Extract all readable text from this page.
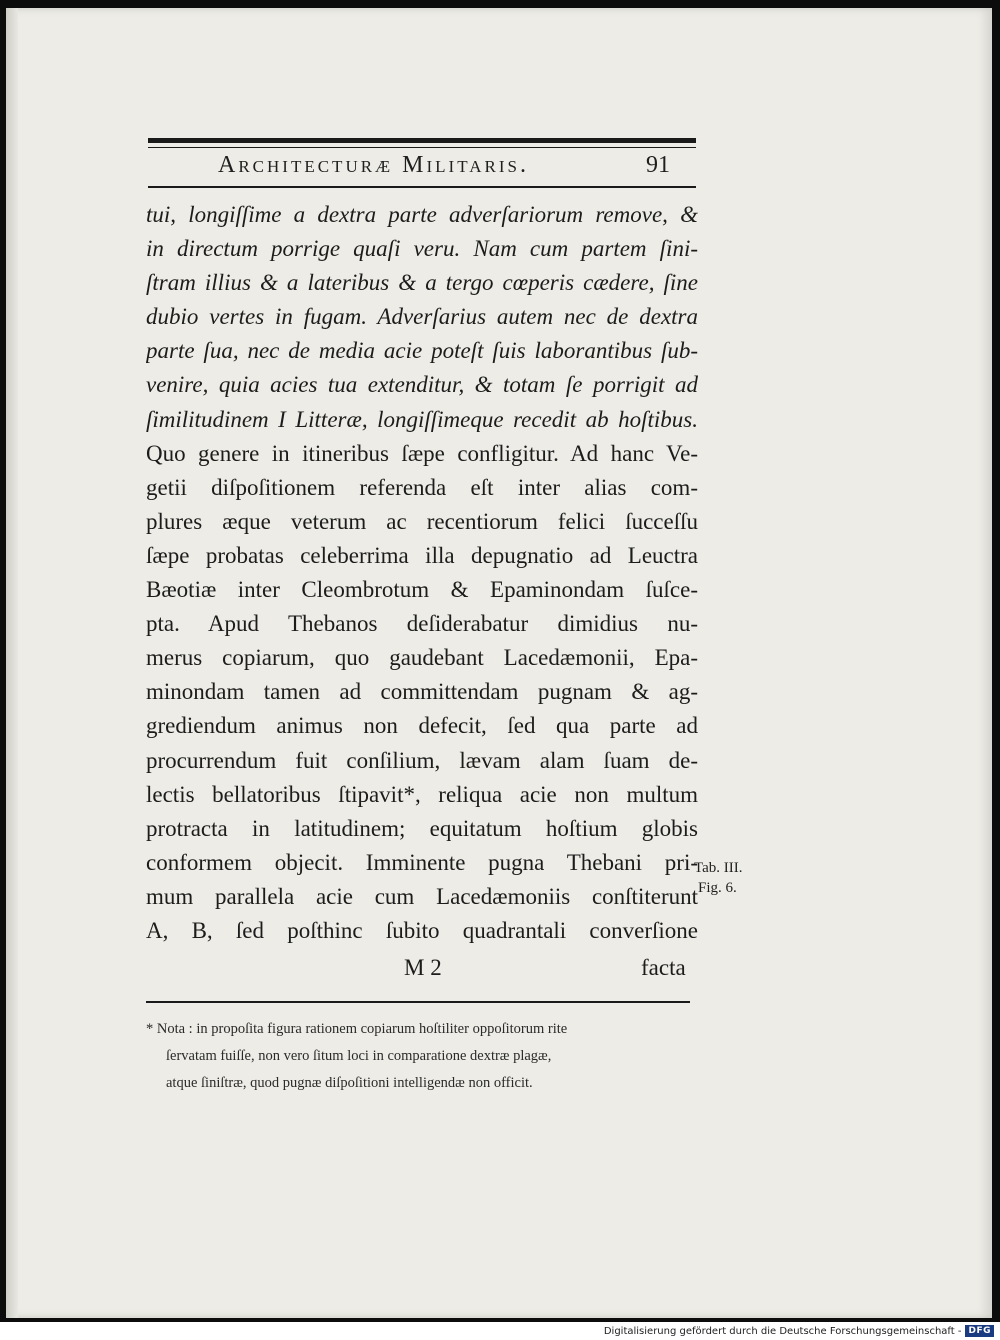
Architecturæ Militaris.	91
tui, longiſſime a dextra parte adverſariorum remove, &
in directum porrige quaſi veru. Nam cum partem ſini-
ſtram illius & a lateribus & a tergo cœperis cædere, ſine
dubio vertes in fugam. Adverſarius autem nec de dextra
parte ſua, nec de media acie poteſt ſuis laborantibus ſub-
venire, quia acies tua extenditur, & totam ſe porrigit ad
ſimilitudinem I Litteræ, longiſſimeque recedit ab hoſtibus.
Quo genere in itineribus ſæpe confligitur. Ad hanc Ve-
getii diſpoſitionem referenda eſt inter alias com-
plures æque veterum ac recentiorum felici ſucceſſu
ſæpe probatas celeberrima illa depugnatio ad Leuctra
Bæotiæ inter Cleombrotum & Epaminondam ſuſce-
pta. Apud Thebanos deſiderabatur dimidius nu-
merus copiarum, quo gaudebant Lacedæmonii, Epa-
minondam tamen ad committendam pugnam & ag-
grediendum animus non defecit, ſed qua parte ad
procurrendum fuit conſilium, lævam alam ſuam de-
lectis bellatoribus ſtipavit*, reliqua acie non multum
protracta in latitudinem; equitatum hoſtium globis
conformem objecit. Imminente pugna Thebani pri-
mum parallela acie cum Lacedæmoniis conſtiterunt
A, B, ſed poſthinc ſubito quadrantali converſione
Tab. III.
Fig. 6.
M 2	facta
* Nota : in propoſita figura rationem copiarum hoſtiliter oppoſitorum rite
ſervatam fuiſſe, non vero ſitum loci in comparatione dextræ plagæ,
atque ſiniſtræ, quod pugnæ diſpoſitioni intelligendæ non officit.
Digitalisierung gefördert durch die Deutsche Forschungsgemeinschaft - DFG
